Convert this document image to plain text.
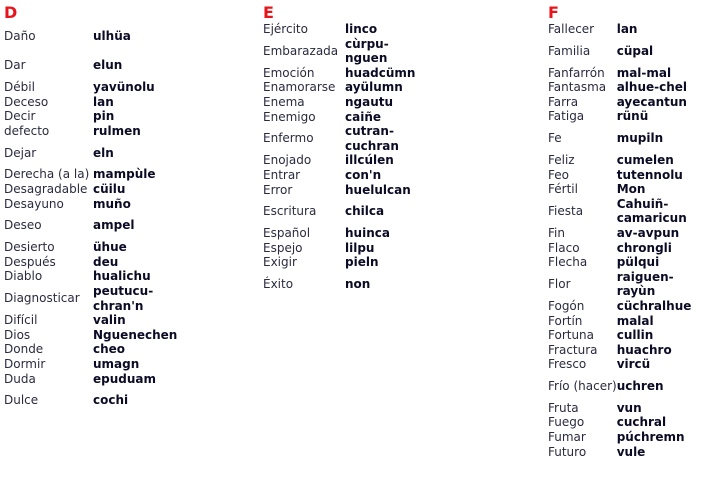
D
Daño	ulhüa
Dar	elun
Débil	yavünolu
Deceso	lan
Decir	pin
defecto	rulmen
Dejar	eln
Derecha (a la)	mampùle
Desagradable	cüilu
Desayuno	muño
Deseo	ampel
Desierto	ühue
Después	deu
Diablo	hualichu
Diagnosticar	peutucu-chran'n
Difícil	valin
Dios	Nguenechen
Donde	cheo
Dormir	umagn
Duda	epuduam
Dulce	cochi
E
Ejército	linco
Embarazada	cùrpu-nguen
Emoción	huadcümn
Enamorarse	ayülumn
Enema	ngautu
Enemigo	caiñe
Enfermo	cutran-cuchran
Enojado	illcúlen
Entrar	con'n
Error	huelulcan
Escritura	chilca
Español	huinca
Espejo	lilpu
Exigir	pieln
Éxito	non
F
Fallecer	lan
Familia	cüpal
Fanfarrón	mal-mal
Fantasma	alhue-chel
Farra	ayecantun
Fatiga	rünü
Fe	mupiln
Feliz	cumelen
Feo	tutennolu
Fértil	Mon
Fiesta	Cahuiñ-camaricun
Fin	av-avpun
Flaco	chrongli
Flecha	pülqui
Flor	raiguen-rayùn
Fogón	cüchralhue
Fortín	malal
Fortuna	cullin
Fractura	huachro
Fresco	vircü
Frío (hacer)	uchren
Fruta	vun
Fuego	cuchral
Fumar	púchremn
Futuro	vule
